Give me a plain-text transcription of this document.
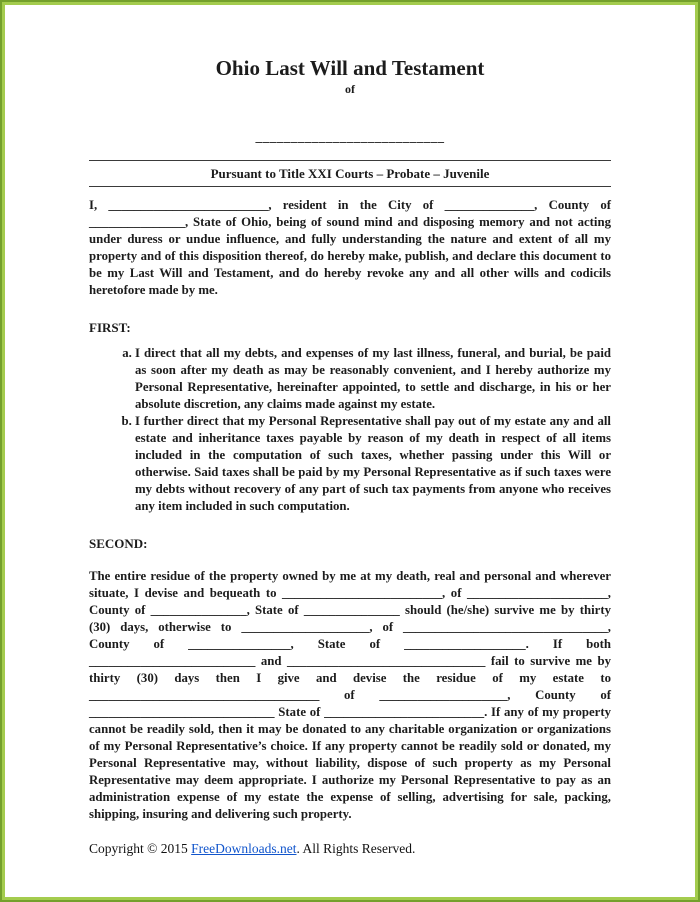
Ohio Last Will and Testament
of
___________________________
Pursuant to Title XXI Courts – Probate – Juvenile

I, _________________________, resident in the City of ______________, County of _______________, State of Ohio, being of sound mind and disposing memory and not acting under duress or undue influence, and fully understanding the nature and extent of all my property and of this disposition thereof, do hereby make, publish, and declare this document to be my Last Will and Testament, and do hereby revoke any and all other wills and codicils heretofore made by me.

FIRST:
a. I direct that all my debts, and expenses of my last illness, funeral, and burial, be paid as soon after my death as may be reasonably convenient, and I hereby authorize my Personal Representative, hereinafter appointed, to settle and discharge, in his or her absolute discretion, any claims made against my estate.
b. I further direct that my Personal Representative shall pay out of my estate any and all estate and inheritance taxes payable by reason of my death in respect of all items included in the computation of such taxes, whether passing under this Will or otherwise. Said taxes shall be paid by my Personal Representative as if such taxes were my debts without recovery of any part of such tax payments from anyone who receives any item included in such computation.
SECOND:

The entire residue of the property owned by me at my death, real and personal and wherever situate, I devise and bequeath to _________________________, of ______________________, County of _______________, State of _______________ should (he/she) survive me by thirty (30) days, otherwise to ____________________, of ________________________________, County of ________________, State of ___________________. If both __________________________ and _______________________________ fail to survive me by thirty (30) days then I give and devise the residue of my estate to ____________________________________ of ____________________, County of _____________________________ State of _________________________. If any of my property cannot be readily sold, then it may be donated to any charitable organization or organizations of my Personal Representative’s choice. If any property cannot be readily sold or donated, my Personal Representative may, without liability, dispose of such property as my Personal Representative may deem appropriate. I authorize my Personal Representative to pay as an administration expense of my estate the expense of selling, advertising for sale, packing, shipping, insuring and delivering such property.

Copyright © 2015 FreeDownloads.net. All Rights Reserved.
